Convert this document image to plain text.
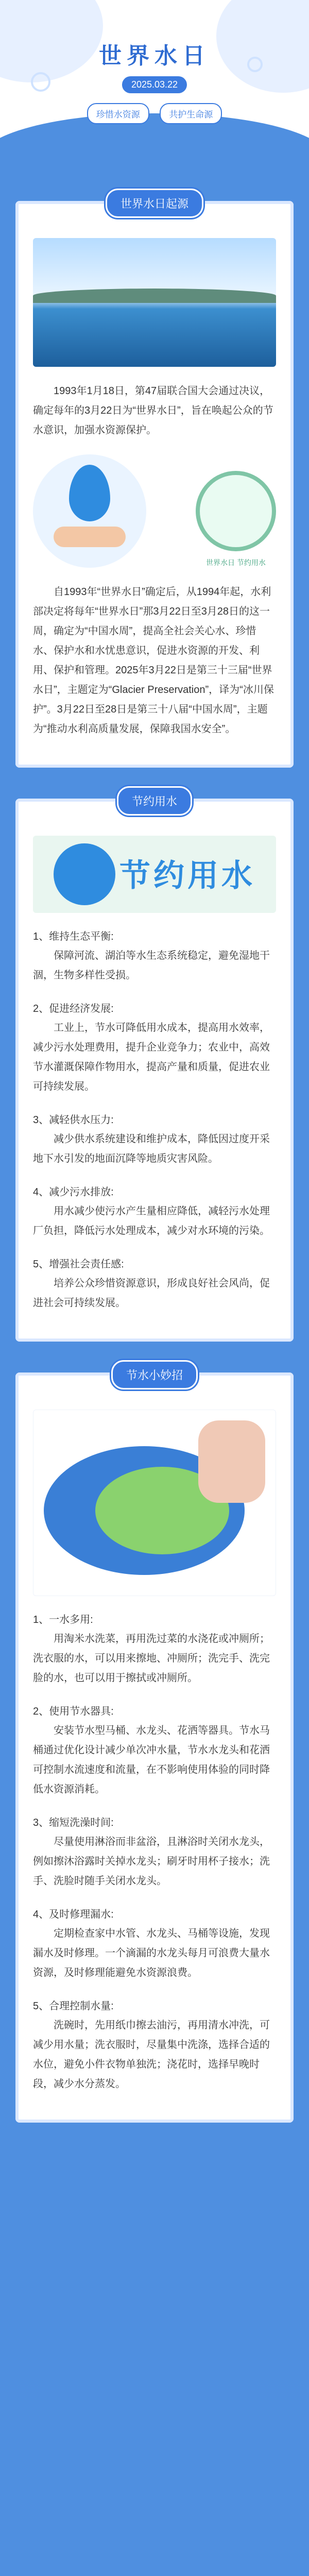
世界水日
2025.03.22
珍惜水资源	共护生命源
世界水日起源
1993年1月18日，第47届联合国大会通过决议，确定每年的3月22日为“世界水日”，旨在唤起公众的节水意识，加强水资源保护。
世界水日 节约用水
自1993年“世界水日”确定后，从1994年起，水利部决定将每年“世界水日”那3月22日至3月28日的这一周，确定为“中国水周”，提高全社会关心水、珍惜水、保护水和水忧患意识，促进水资源的开发、利用、保护和管理。2025年3月22日是第三十三届“世界水日”，主题定为“Glacier Preservation”，译为“冰川保护”。3月22日至28日是第三十八届“中国水周”，主题为“推动水利高质量发展，保障我国水安全”。
节约用水
节约用水
1、维持生态平衡:
保障河流、湖泊等水生态系统稳定，避免湿地干涸，生物多样性受损。
2、促进经济发展:
工业上，节水可降低用水成本，提高用水效率，减少污水处理费用，提升企业竞争力；农业中，高效节水灌溉保障作物用水，提高产量和质量，促进农业可持续发展。
3、减轻供水压力:
减少供水系统建设和维护成本，降低因过度开采地下水引发的地面沉降等地质灾害风险。
4、减少污水排放:
用水减少使污水产生量相应降低，减轻污水处理厂负担，降低污水处理成本，减少对水环境的污染。
5、增强社会责任感:
培养公众珍惜资源意识，形成良好社会风尚，促进社会可持续发展。
节水小妙招
1、一水多用:
用淘米水洗菜，再用洗过菜的水浇花或冲厕所；洗衣服的水，可以用来擦地、冲厕所；洗完手、洗完脸的水，也可以用于擦拭或冲厕所。
2、使用节水器具:
安装节水型马桶、水龙头、花洒等器具。节水马桶通过优化设计减少单次冲水量，节水水龙头和花洒可控制水流速度和流量，在不影响使用体验的同时降低水资源消耗。
3、缩短洗澡时间:
尽量使用淋浴而非盆浴，且淋浴时关闭水龙头，例如擦沐浴露时关掉水龙头；刷牙时用杯子接水；洗手、洗脸时随手关闭水龙头。
4、及时修理漏水:
定期检查家中水管、水龙头、马桶等设施，发现漏水及时修理。一个滴漏的水龙头每月可浪费大量水资源，及时修理能避免水资源浪费。
5、合理控制水量:
洗碗时，先用纸巾擦去油污，再用清水冲洗，可减少用水量；洗衣服时，尽量集中洗涤，选择合适的水位，避免小件衣物单独洗；浇花时，选择早晚时段，减少水分蒸发。
